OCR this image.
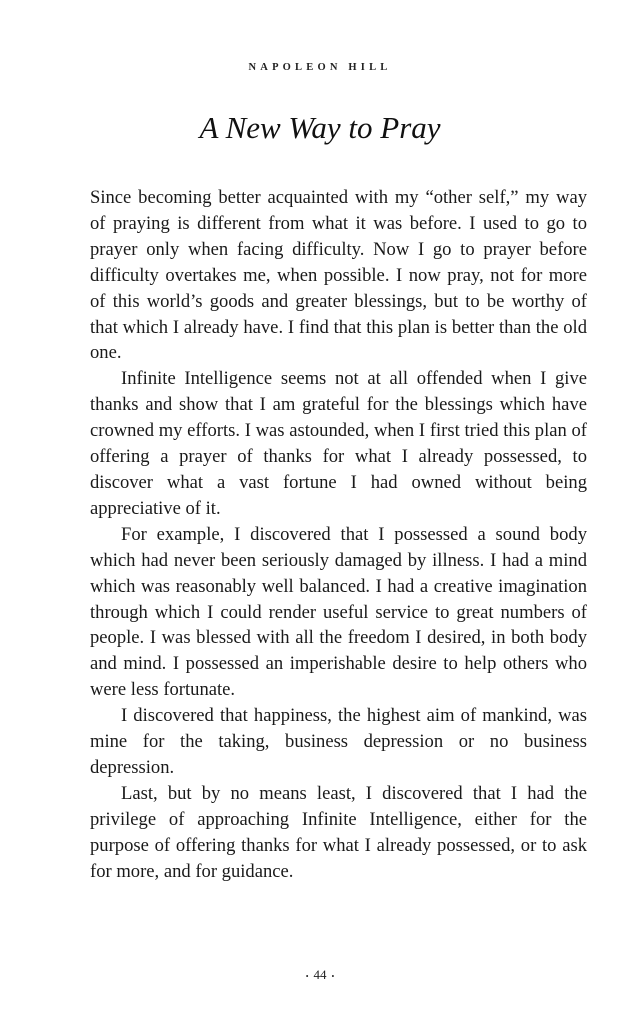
NAPOLEON HILL
A New Way to Pray

Since becoming better acquainted with my “other self,” my way of praying is different from what it was before. I used to go to prayer only when facing difficulty. Now I go to prayer before difficulty overtakes me, when possible. I now pray, not for more of this world’s goods and greater blessings, but to be worthy of that which I already have. I find that this plan is better than the old one.

Infinite Intelligence seems not at all offended when I give thanks and show that I am grateful for the blessings which have crowned my efforts. I was astounded, when I first tried this plan of offering a prayer of thanks for what I already possessed, to discover what a vast fortune I had owned without being appreciative of it.

For example, I discovered that I possessed a sound body which had never been seriously damaged by illness. I had a mind which was reasonably well balanced. I had a creative imagination through which I could render useful service to great numbers of people. I was blessed with all the freedom I desired, in both body and mind. I possessed an imperishable desire to help others who were less fortunate.

I discovered that happiness, the highest aim of mankind, was mine for the taking, business depression or no business depression.

Last, but by no means least, I discovered that I had the privilege of approaching Infinite Intelligence, either for the purpose of offering thanks for what I already possessed, or to ask for more, and for guidance.

• 44 •
